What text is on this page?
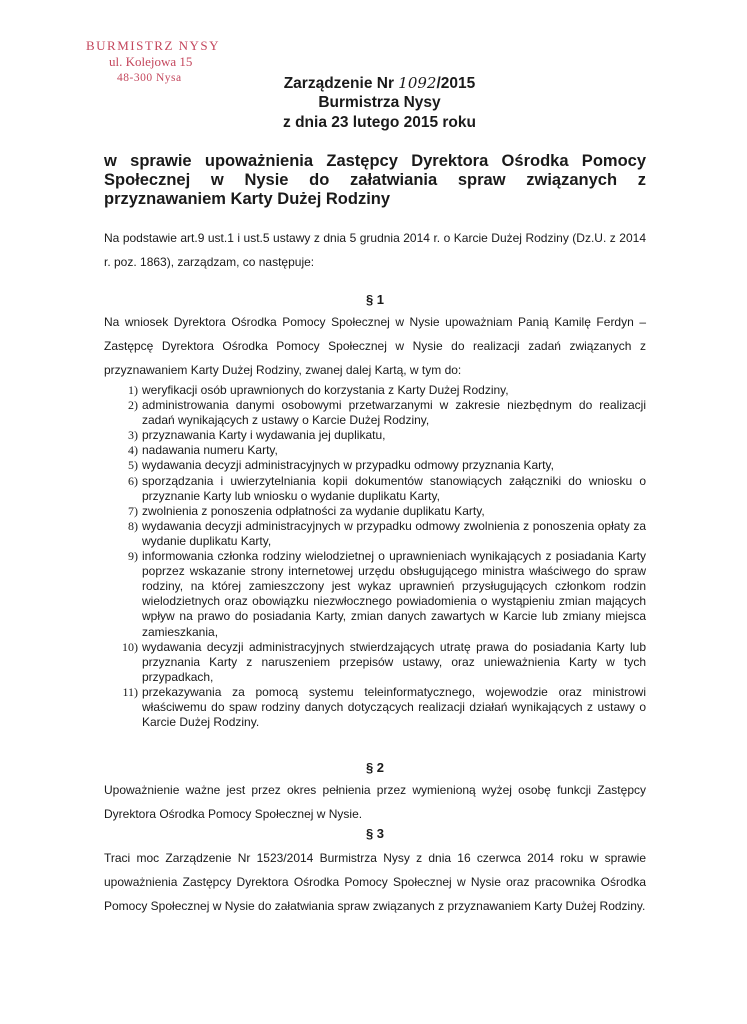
BURMISTRZ NYSY
ul. Kolejowa 15
48-300 Nysa	Zarządzenie Nr 1092/2015
Burmistrza Nysy
z dnia 23 lutego 2015 roku
w sprawie upoważnienia Zastępcy Dyrektora Ośrodka Pomocy Społecznej w Nysie do załatwiania spraw związanych z przyznawaniem Karty Dużej Rodziny
Na podstawie art.9 ust.1 i ust.5 ustawy z dnia 5 grudnia 2014 r. o Karcie Dużej Rodziny (Dz.U. z 2014 r. poz. 1863), zarządzam, co następuje:
§ 1
Na wniosek Dyrektora Ośrodka Pomocy Społecznej w Nysie upoważniam Panią Kamilę Ferdyn – Zastępcę Dyrektora Ośrodka Pomocy Społecznej w Nysie do realizacji zadań związanych z przyznawaniem Karty Dużej Rodziny, zwanej dalej Kartą, w tym do:
1) weryfikacji osób uprawnionych do korzystania z Karty Dużej Rodziny,
2) administrowania danymi osobowymi przetwarzanymi w zakresie niezbędnym do realizacji zadań wynikających z ustawy o Karcie Dużej Rodziny,
3) przyznawania Karty i wydawania jej duplikatu,
4) nadawania numeru Karty,
5) wydawania decyzji administracyjnych w przypadku odmowy przyznania Karty,
6) sporządzania i uwierzytelniania kopii dokumentów stanowiących załączniki do wniosku o przyznanie Karty lub wniosku o wydanie duplikatu Karty,
7) zwolnienia z ponoszenia odpłatności za wydanie duplikatu Karty,
8) wydawania decyzji administracyjnych w przypadku odmowy zwolnienia z ponoszenia opłaty za wydanie duplikatu Karty,
9) informowania członka rodziny wielodzietnej o uprawnieniach wynikających z posiadania Karty poprzez wskazanie strony internetowej urzędu obsługującego ministra właściwego do spraw rodziny, na której zamieszczony jest wykaz uprawnień przysługujących członkom rodzin wielodzietnych oraz obowiązku niezwłocznego powiadomienia o wystąpieniu zmian mających wpływ na prawo do posiadania Karty, zmian danych zawartych w Karcie lub zmiany miejsca zamieszkania,
10) wydawania decyzji administracyjnych stwierdzających utratę prawa do posiadania Karty lub przyznania Karty z naruszeniem przepisów ustawy, oraz unieważnienia Karty w tych przypadkach,
11) przekazywania za pomocą systemu teleinformatycznego, wojewodzie oraz ministrowi właściwemu do spaw rodziny danych dotyczących realizacji działań wynikających z ustawy o Karcie Dużej Rodziny.
§ 2
Upoważnienie ważne jest przez okres pełnienia przez wymienioną wyżej osobę funkcji Zastępcy Dyrektora Ośrodka Pomocy Społecznej w Nysie.
§ 3
Traci moc Zarządzenie Nr 1523/2014 Burmistrza Nysy z dnia 16 czerwca 2014 roku w sprawie upoważnienia Zastępcy Dyrektora Ośrodka Pomocy Społecznej w Nysie oraz pracownika Ośrodka Pomocy Społecznej w Nysie do załatwiania spraw związanych z przyznawaniem Karty Dużej Rodziny.
